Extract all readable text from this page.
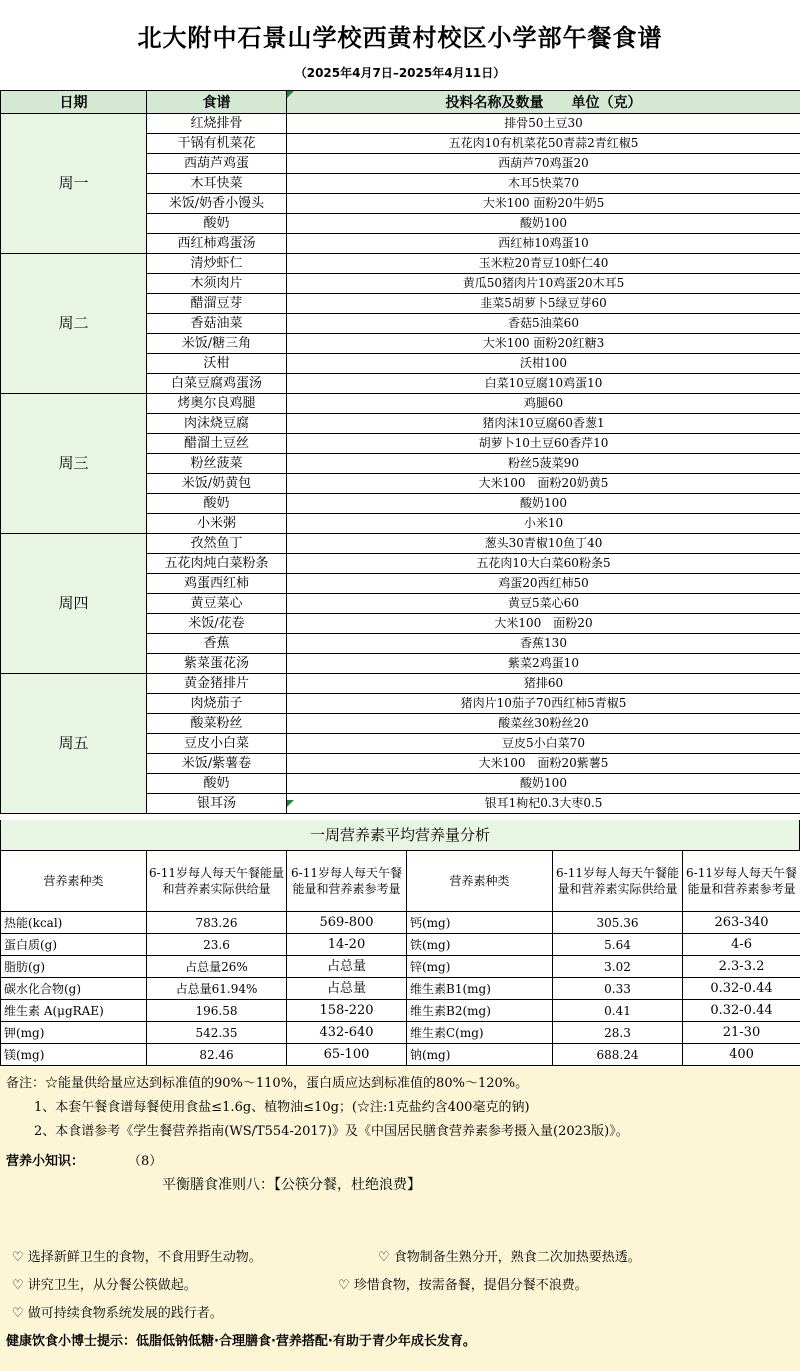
北大附中石景山学校西黄村校区小学部午餐食谱
（2025年4月7日–2025年4月11日）
日期	食谱	投料名称及数量　　单位（克）
周一	红烧排骨	排骨50土豆30
	干锅有机菜花	五花肉10有机菜花50青蒜2青红椒5
	西葫芦鸡蛋	西葫芦70鸡蛋20
	木耳快菜	木耳5快菜70
	米饭/奶香小馒头	大米100 面粉20牛奶5
	酸奶	酸奶100
	西红柿鸡蛋汤	西红柿10鸡蛋10
周二	清炒虾仁	玉米粒20青豆10虾仁40
	木须肉片	黄瓜50猪肉片10鸡蛋20木耳5
	醋溜豆芽	韭菜5胡萝卜5绿豆芽60
	香菇油菜	香菇5油菜60
	米饭/糖三角	大米100 面粉20红糖3
	沃柑	沃柑100
	白菜豆腐鸡蛋汤	白菜10豆腐10鸡蛋10
周三	烤奥尔良鸡腿	鸡腿60
	肉沫烧豆腐	猪肉沫10豆腐60香葱1
	醋溜土豆丝	胡萝卜10土豆60香芹10
	粉丝菠菜	粉丝5菠菜90
	米饭/奶黄包	大米100　面粉20奶黄5
	酸奶	酸奶100
	小米粥	小米10
周四	孜然鱼丁	葱头30青椒10鱼丁40
	五花肉炖白菜粉条	五花肉10大白菜60粉条5
	鸡蛋西红柿	鸡蛋20西红柿50
	黄豆菜心	黄豆5菜心60
	米饭/花卷	大米100　面粉20
	香蕉	香蕉130
	紫菜蛋花汤	紫菜2鸡蛋10
周五	黄金猪排片	猪排60
	肉烧茄子	猪肉片10茄子70西红柿5青椒5
	酸菜粉丝	酸菜丝30粉丝20
	豆皮小白菜	豆皮5小白菜70
	米饭/紫薯卷	大米100　面粉20紫薯5
	酸奶	酸奶100
	银耳汤	银耳1枸杞0.3大枣0.5
一周营养素平均营养量分析
营养素种类	6-11岁每人每天午餐能量和营养素实际供给量	6-11岁每人每天午餐能量和营养素参考量	营养素种类	6-11岁每人每天午餐能量和营养素实际供给量	6-11岁每人每天午餐能量和营养素参考量
热能(kcal)	783.26	569-800	钙(mg)	305.36	263-340
蛋白质(g)	23.6	14-20	铁(mg)	5.64	4-6
脂肪(g)	占总量26%	占总量	锌(mg)	3.02	2.3-3.2
碳水化合物(g)	占总量61.94%	占总量	维生素B1(mg)	0.33	0.32-0.44
维生素 A(μgRAE)	196.58	158-220	维生素B2(mg)	0.41	0.32-0.44
钾(mg)	542.35	432-640	维生素C(mg)	28.3	21-30
镁(mg)	82.46	65-100	钠(mg)	688.24	400
备注：☆能量供给量应达到标准值的90%～110%，蛋白质应达到标准值的80%～120%。
1、本套午餐食谱每餐使用食盐≤1.6g、植物油≤10g；(☆注:1克盐约含400毫克的钠)
2、本食谱参考《学生餐营养指南(WS/T554-2017)》及《中国居民膳食营养素参考摄入量(2023版)》。
营养小知识：	（8）
平衡膳食准则八：【公筷分餐，杜绝浪费】
♡ 选择新鲜卫生的食物，不食用野生动物。	♡ 食物制备生熟分开，熟食二次加热要热透。
♡ 讲究卫生，从分餐公筷做起。	♡ 珍惜食物，按需备餐，提倡分餐不浪费。
♡ 做可持续食物系统发展的践行者。
健康饮食小博士提示：低脂低钠低糖·合理膳食·营养搭配·有助于青少年成长发育。
